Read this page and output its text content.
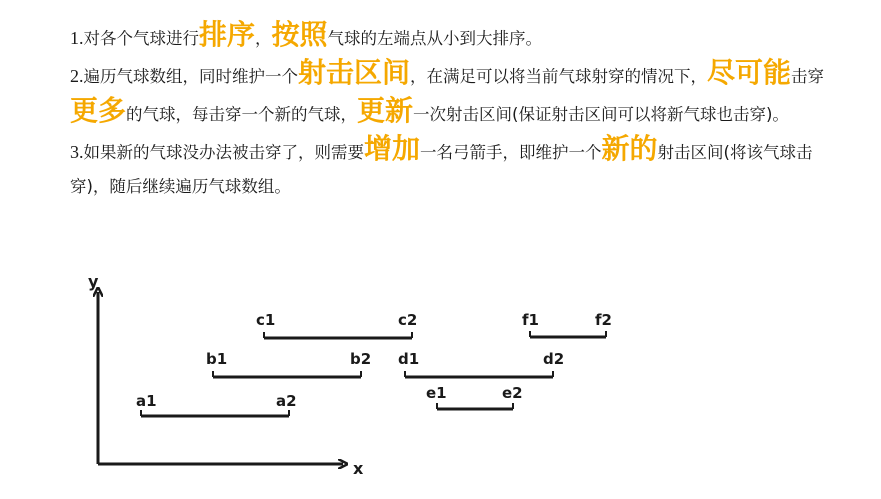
1.对各个气球进行排序，按照气球的左端点从小到大排序。

2.遍历气球数组，同时维护一个射击区间，在满足可以将当前气球射穿的情况下，尽可能击穿更多的气球，每击穿一个新的气球，更新一次射击区间(保证射击区间可以将新气球也击穿)。

3.如果新的气球没办法被击穿了，则需要增加一名弓箭手，即维护一个新的射击区间(将该气球击穿)，随后继续遍历气球数组。

y
x
a1	a2
b1	b2
c1	c2
d1	d2
e1	e2
f1	f2
